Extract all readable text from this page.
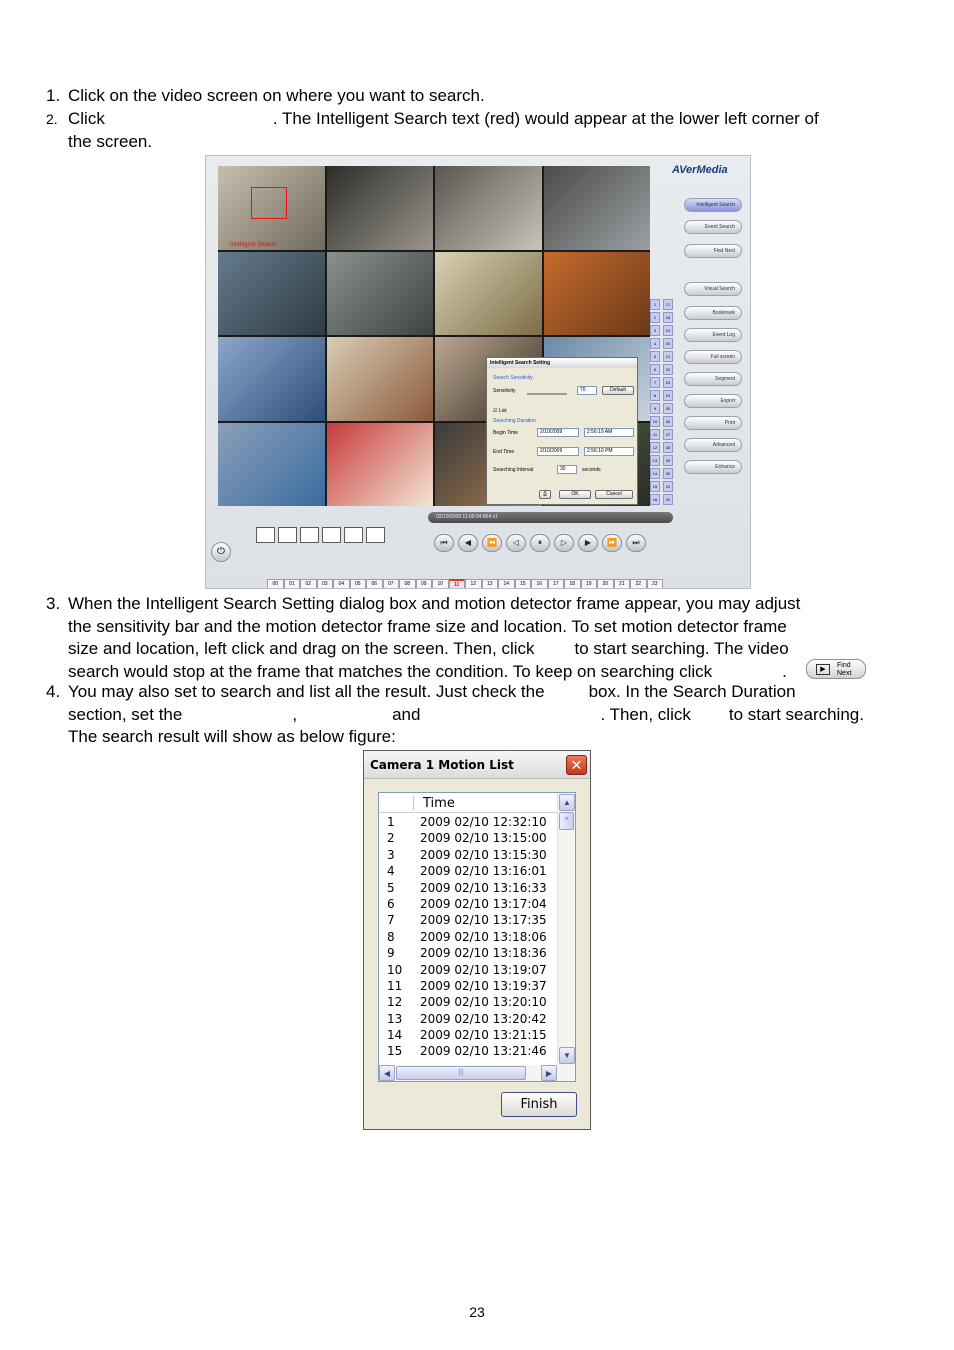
1. Click on the video screen on where you want to search.
2. Click	. The Intelligent Search text (red) would appear at the lower left corner of
the screen.
Intelligent Search
AVerMedia
Intelligent Search
Event Search
Find Next
Visual Search
Bookmark
Event Log
Full screen
Segment
Export
Print
Advanced
Enhance
1
2
3
4
5
6
7
8
9
10
11
12
13
14
15
16
17
18
19
20
21
22
23
24
25
26
27
28
29
30
31
32
Intelligent Search Setting
Search Sensitivity
Sensitivity	70	Default
☑ List
Searching Duration
Begin Time	2/10/2009	2:56:19 AM
End Time	2/10/2009	2:56:10 PM
Searching Interval	30	seconds
⎙	OK	Cancel
02/10/2009 11:05:04:864 x1
⏮	◀	⏪	◁	⏸	▷	▶	⏩	⏭
⏻
00	01	02	03	04	05	06	07	08	09	10	11	12	13	14	15	16	17	18	19	20	21	22	23
3. When the Intelligent Search Setting dialog box and motion detector frame appear, you may adjust
the sensitivity bar and the motion detector frame size and location. To set motion detector frame
size and location, left click and drag on the screen. Then, click to start searching. The video
search would stop at the frame that matches the condition. To keep on searching click	.	▶
Find Next
4. You may also set to search and list all the result. Just check the	box. In the Search Duration
section, set the	,	and	. Then, click to start searching.
The search result will show as below figure:
Camera 1 Motion List	✕
Time
1 2009 02/10 12:32:10
2 2009 02/10 13:15:00
3 2009 02/10 13:15:30
4 2009 02/10 13:16:01
5 2009 02/10 13:16:33
6 2009 02/10 13:17:04
7 2009 02/10 13:17:35
8 2009 02/10 13:18:06
9 2009 02/10 13:18:36
10 2009 02/10 13:19:07
11 2009 02/10 13:19:37
12 2009 02/10 13:20:10
13 2009 02/10 13:20:42
14 2009 02/10 13:21:15
15 2009 02/10 13:21:46
▲
≡
▼
◀	|||	▶
Finish
23
